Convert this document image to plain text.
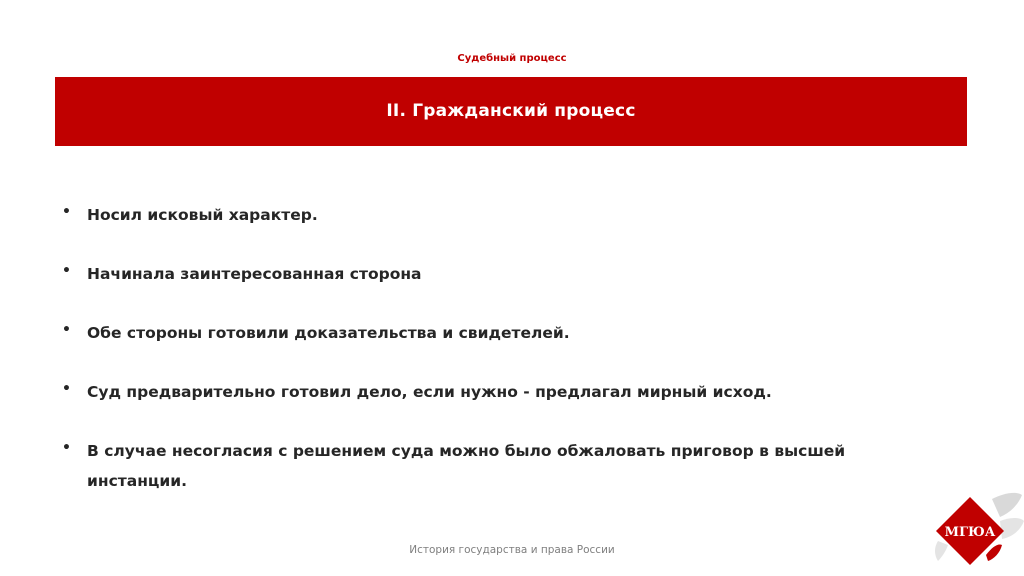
Судебный процесс
II. Гражданский процесс
•	Носил исковый характер.
•	Начинала заинтересованная сторона
•	Обе стороны готовили доказательства и свидетелей.
•	Суд предварительно готовил дело, если нужно - предлагал мирный исход.
•	В случае несогласия с решением суда можно было обжаловать приговор в высшей инстанции.
История государства и права России
МГЮА
